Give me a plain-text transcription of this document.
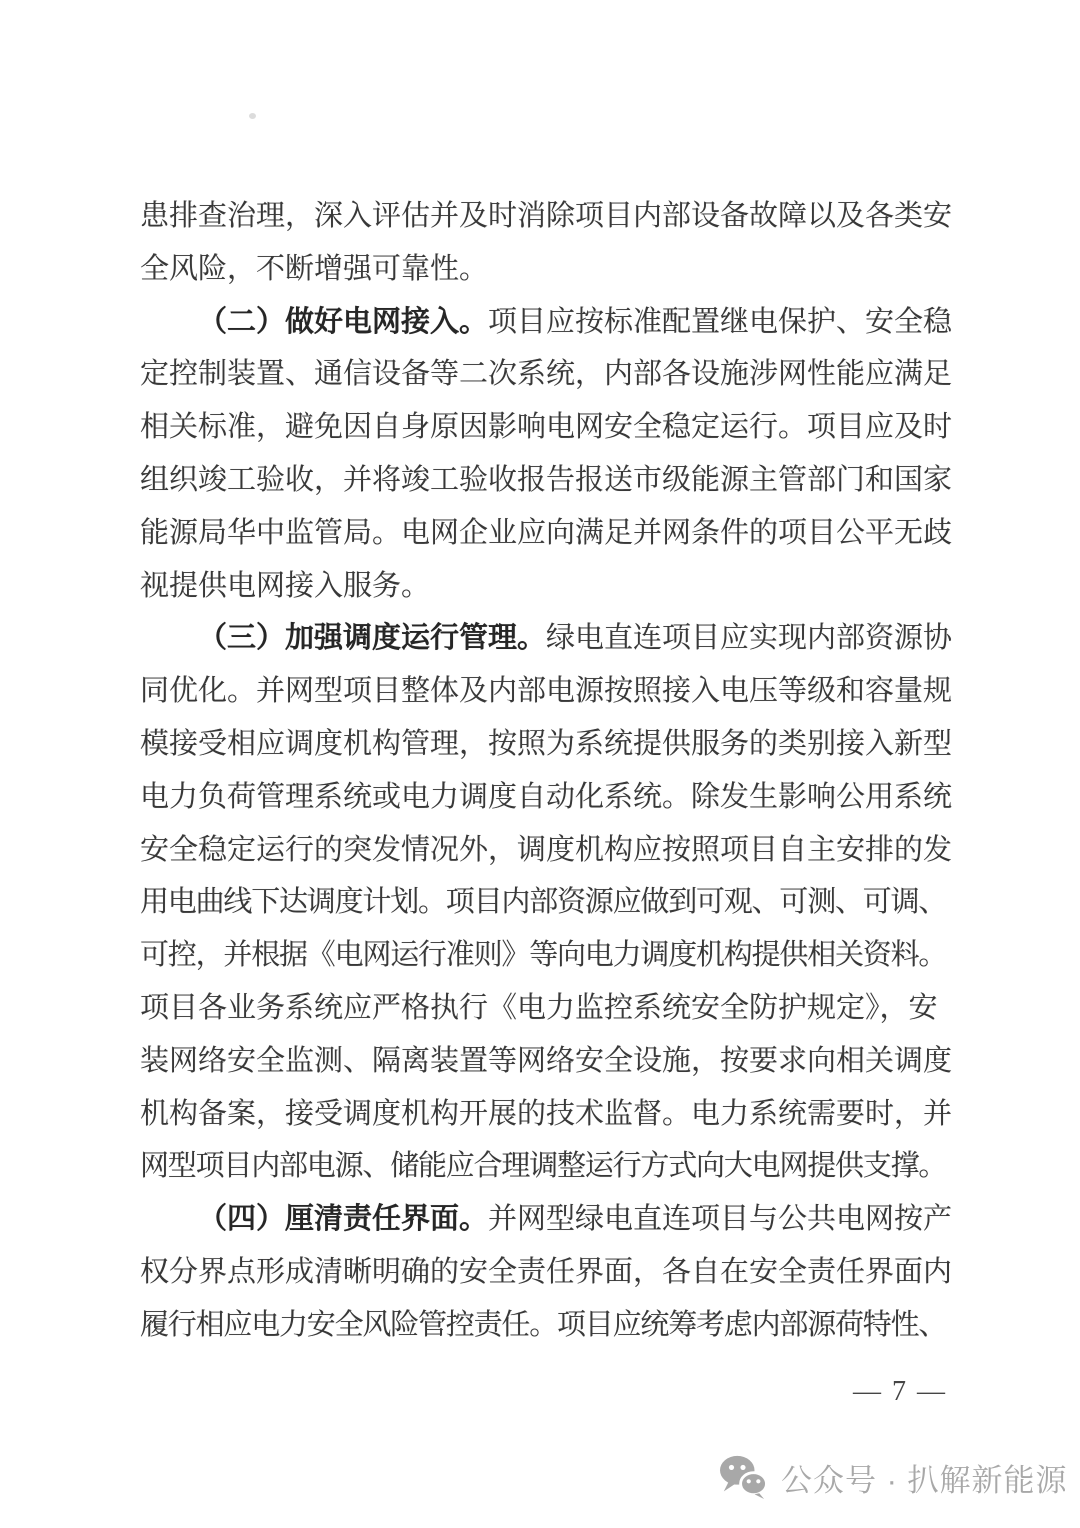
患排查治理，深入评估并及时消除项目内部设备故障以及各类安
全风险，不断增强可靠性。
（二）做好电网接入。项目应按标准配置继电保护、安全稳
定控制装置、通信设备等二次系统，内部各设施涉网性能应满足
相关标准，避免因自身原因影响电网安全稳定运行。项目应及时
组织竣工验收，并将竣工验收报告报送市级能源主管部门和国家
能源局华中监管局。电网企业应向满足并网条件的项目公平无歧
视提供电网接入服务。
（三）加强调度运行管理。绿电直连项目应实现内部资源协
同优化。并网型项目整体及内部电源按照接入电压等级和容量规
模接受相应调度机构管理，按照为系统提供服务的类别接入新型
电力负荷管理系统或电力调度自动化系统。除发生影响公用系统
安全稳定运行的突发情况外，调度机构应按照项目自主安排的发
用电曲线下达调度计划。项目内部资源应做到可观、可测、可调、
可控，并根据《电网运行准则》等向电力调度机构提供相关资料。
项目各业务系统应严格执行《电力监控系统安全防护规定》，安
装网络安全监测、隔离装置等网络安全设施，按要求向相关调度
机构备案，接受调度机构开展的技术监督。电力系统需要时，并
网型项目内部电源、储能应合理调整运行方式向大电网提供支撑。
（四）厘清责任界面。并网型绿电直连项目与公共电网按产
权分界点形成清晰明确的安全责任界面，各自在安全责任界面内
履行相应电力安全风险管控责任。项目应统筹考虑内部源荷特性、
— 7 —
公众号 · 扒解新能源
